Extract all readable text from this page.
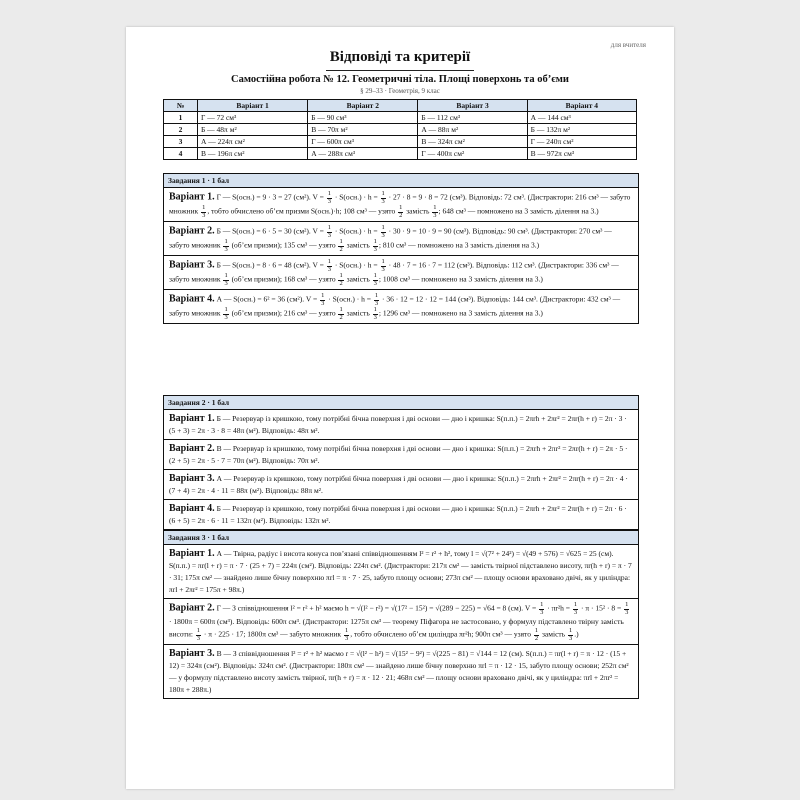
для вчителя
Відповіді та критерії
Самостійна робота № 12. Геометричні тіла. Площі поверхонь та об’єми
§ 29–33 · Геометрія, 9 клас
№	Варіант 1	Варіант 2	Варіант 3	Варіант 4
1	Г — 72 см³	Б — 90 см³	Б — 112 см³	А — 144 см³
2	Б — 48π м²	В — 70π м²	А — 88π м²	Б — 132π м²
3	А — 224π см²	Г — 600π см³	В — 324π см²	Г — 240π см²
4	В — 196π см²	А — 288π см³	Г — 400π см²	В — 972π см³
Завдання 1 · 1 бал
Варіант 1. Г — S(осн.) = 9 · 3 = 27 (см²). $V = \frac{1}{3} \cdot S(осн.) \cdot h = \frac{1}{3} \cdot 27 \cdot 8 = 9 \cdot 8 = 72$ (см³). Відповідь: 72 см³. (Дистрактори: 216 см³ — забуто множник $\frac{1}{3}$ , тобто обчислено об’єм призми S(осн.)·h; 108 см³ — узято $\frac{1}{2}$ замість $\frac{1}{3}$ ; 648 см³ — помножено на 3 замість ділення на 3.)
Варіант 2. Б — S(осн.) = 6 · 5 = 30 (см²). $V = \frac{1}{3} \cdot S(осн.) \cdot h = \frac{1}{3} \cdot 30 \cdot 9 = 10 \cdot 9 = 90$ (см³). Відповідь: 90 см³. (Дистрактори: 270 см³ — забуто множник $\frac{1}{3}$ (об’єм призми); 135 см³ — узято $\frac{1}{2}$ замість $\frac{1}{3}$ ; 810 см³ — помножено на 3 замість ділення на 3.)
Варіант 3. Б — S(осн.) = 8 · 6 = 48 (см²). $V = \frac{1}{3} \cdot S(осн.) \cdot h = \frac{1}{3} \cdot 48 \cdot 7 = 16 \cdot 7 = 112$ (см³). Відповідь: 112 см³. (Дистрактори: 336 см³ — забуто множник $\frac{1}{3}$ (об’єм призми); 168 см³ — узято $\frac{1}{2}$ замість $\frac{1}{3}$ ; 1008 см³ — помножено на 3 замість ділення на 3.)
Варіант 4. А — S(осн.) = 6² = 36 (см²). $V = \frac{1}{3} \cdot S(осн.) \cdot h = \frac{1}{3} \cdot 36 \cdot 12 = 12 \cdot 12 = 144$ (см³). Відповідь: 144 см³. (Дистрактори: 432 см³ — забуто множник $\frac{1}{3}$ (об’єм призми); 216 см³ — узято $\frac{1}{2}$ замість $\frac{1}{3}$ ; 1296 см³ — помножено на 3 замість ділення на 3.)
Завдання 2 · 1 бал
Варіант 1. Б — Резервуар із кришкою, тому потрібні бічна поверхня і дві основи — дно і кришка: S(п.п.) = 2πrh + 2πr² = 2πr(h + r) = 2π · 3 · (5 + 3) = 2π · 3 · 8 = 48π (м²). Відповідь: 48π м².
Варіант 2. В — Резервуар із кришкою, тому потрібні бічна поверхня і дві основи — дно і кришка: S(п.п.) = 2πrh + 2πr² = 2πr(h + r) = 2π · 5 · (2 + 5) = 2π · 5 · 7 = 70π (м²). Відповідь: 70π м².
Варіант 3. А — Резервуар із кришкою, тому потрібні бічна поверхня і дві основи — дно і кришка: S(п.п.) = 2πrh + 2πr² = 2πr(h + r) = 2π · 4 · (7 + 4) = 2π · 4 · 11 = 88π (м²). Відповідь: 88π м².
Варіант 4. Б — Резервуар із кришкою, тому потрібні бічна поверхня і дві основи — дно і кришка: S(п.п.) = 2πrh + 2πr² = 2πr(h + r) = 2π · 6 · (6 + 5) = 2π · 6 · 11 = 132π (м²). Відповідь: 132π м².
Завдання 3 · 1 бал
Варіант 1. А — Твірна, радіус і висота конуса пов’язані співвідношенням l² = r² + h², тому l = √(7² + 24²) = √(49 + 576) = √625 = 25 (см). S(п.п.) = πr(l + r) = π · 7 · (25 + 7) = 224π (см²). Відповідь: 224π см². (Дистрактори: 217π см² — замість твірної підставлено висоту, πr(h + r) = π · 7 · 31; 175π см² — знайдено лише бічну поверхню πrl = π · 7 · 25, забуто площу основи; 273π см² — площу основи враховано двічі, як у циліндра: πrl + 2πr² = 175π + 98π.)
Варіант 2. Г — З співвідношення l² = r² + h² маємо h = √(l² − r²) = √(17² − 15²) = √(289 − 225) = √64 = 8 (см). $V = \frac{1}{3} \cdot \pi r^2h = \frac{1}{3} \cdot \pi \cdot 15^2 \cdot 8 = \frac{1}{3}$
· 1800π = 600π (см³). Відповідь: 600π см³. (Дистрактори: 1275π см³ — теорему Піфагора не застосовано, у формулу підставлено твірну замість висоти: $\frac{1}{3} \cdot \pi \cdot 225 \cdot 17$; 1800π см³ — забуто множник $\frac{1}{3}$ , тобто обчислено об’єм циліндра πr²h; 900π см³ — узято $\frac{1}{2}$ замість $\frac{1}{3}$ .)
Варіант 3. В — З співвідношення l² = r² + h² маємо r = √(l² − h²) = √(15² − 9²) = √(225 − 81) = √144 = 12 (см). S(п.п.) = πr(l + r) = π · 12 · (15 + 12) = 324π (см²). Відповідь: 324π см². (Дистрактори: 180π см² — знайдено лише бічну поверхню πrl = π · 12 · 15, забуто площу основи; 252π см² — у формулу підставлено висоту замість твірної, πr(h + r) = π · 12 · 21; 468π см² — площу основи враховано двічі, як у циліндра: πrl + 2πr² = 180π + 288π.)
